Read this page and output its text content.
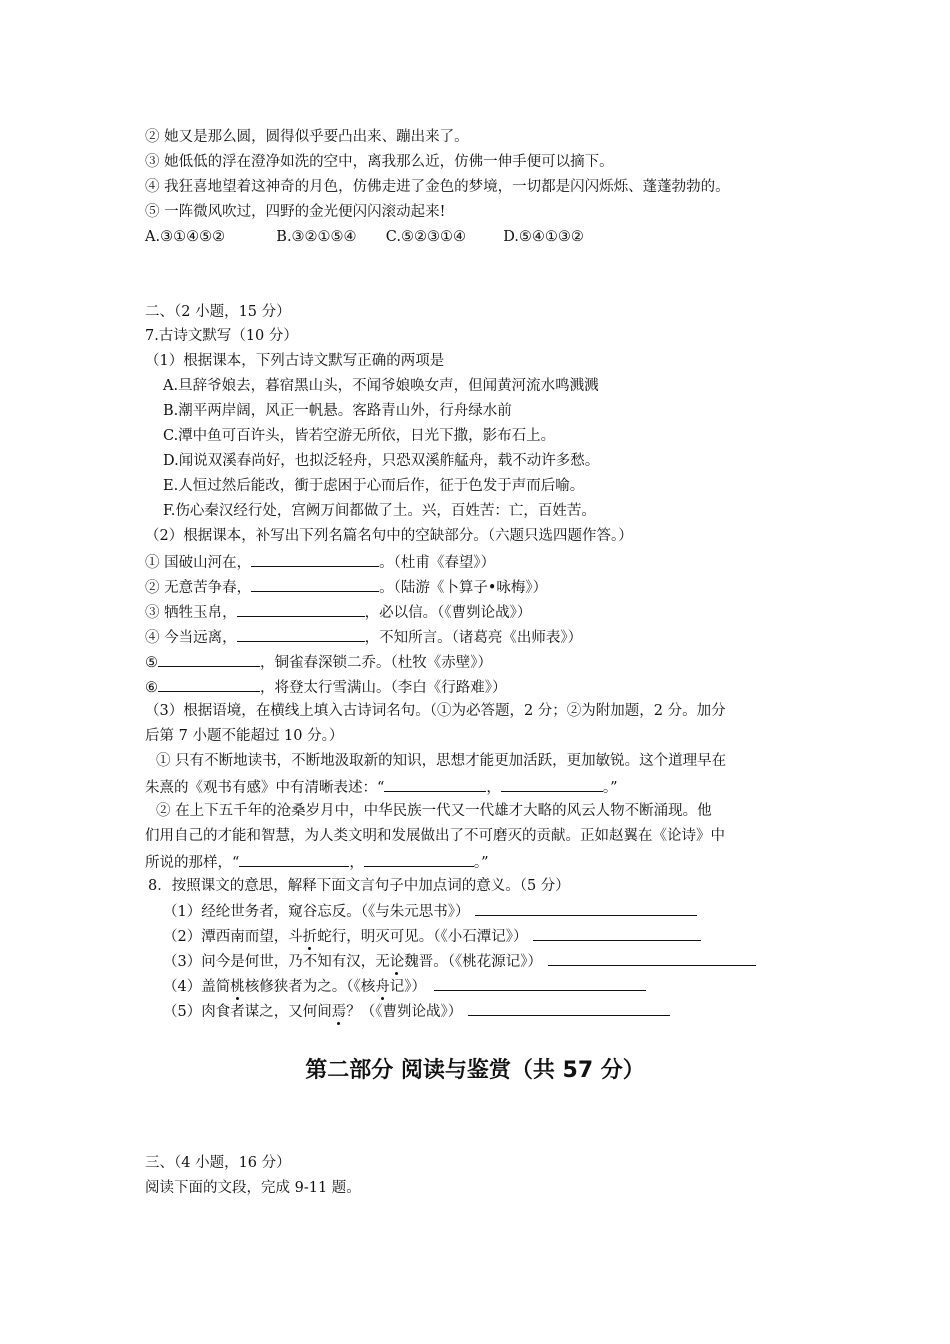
② 她又是那么圆，圆得似乎要凸出来、蹦出来了。
③ 她低低的浮在澄净如洗的空中，离我那么近，仿佛一伸手便可以摘下。
④ 我狂喜地望着这神奇的月色，仿佛走进了金色的梦境，一切都是闪闪烁烁、蓬蓬勃勃的。
⑤ 一阵微风吹过，四野的金光便闪闪滚动起来!
A.③①④⑤②	B.③②①⑤④ C.⑤②③①④	D.⑤④①③②
二、（2 小题，15 分）
7.古诗文默写（10 分）
（1）根据课本，下列古诗文默写正确的两项是
A.旦辞爷娘去，暮宿黑山头，不闻爷娘唤女声，但闻黄河流水鸣溅溅
B.潮平两岸阔，风正一帆悬。客路青山外，行舟绿水前
C.潭中鱼可百许头，皆若空游无所依，日光下撒，影布石上。
D.闻说双溪春尚好，也拟泛轻舟，只恐双溪舴艋舟，载不动许多愁。
E.人恒过然后能改，衝于虑困于心而后作，征于色发于声而后喻。
F.伤心秦汉经行处，宫阙万间都做了土。兴，百姓苦：亡，百姓苦。
（2）根据课本，补写出下列名篇名句中的空缺部分。（六题只选四题作答。）
① 国破山河在，	。（杜甫《春望》）
② 无意苦争春，	。（陆游《卜算子•咏梅》）
③ 牺牲玉帛，	，必以信。（《曹刿论战》）
④ 今当远离，	，不知所言。（诸葛亮《出师表》）
⑤	，铜雀春深锁二乔。（杜牧《赤壁》）
⑥	，将登太行雪满山。（李白《行路难》）
（3）根据语境，在横线上填入古诗词名句。（①为必答题，2 分；②为附加题，2 分。加分
后第 7 小题不能超过 10 分。）
① 只有不断地读书，不断地汲取新的知识，思想才能更加活跃，更加敏锐。这个道理早在
朱熹的《观书有感》中有清晰表述：“	，	。”
② 在上下五千年的沧桑岁月中，中华民族一代又一代雄才大略的风云人物不断涌现。他
们用自己的才能和智慧，为人类文明和发展做出了不可磨灭的贡献。正如赵翼在《论诗》中
所说的那样，“	，	。”
8．按照课文的意思，解释下面文言句子中加点词的意义。（5 分）
（1）经纶世务者，窥谷忘反。（《与朱元思书》）
（2）潭西南而望，斗折蛇行，明灭可见。（《小石潭记》）
（3）问今是何世，乃不知有汉，无论魏晋。（《桃花源记》）
（4）盖简桃核修狭者为之。（《核舟记》）
（5）肉食者谋之，又何间焉？（《曹刿论战》）
第二部分 阅读与鉴赏（共 57 分）
三、（4 小题，16 分）
阅读下面的文段，完成 9-11 题。
